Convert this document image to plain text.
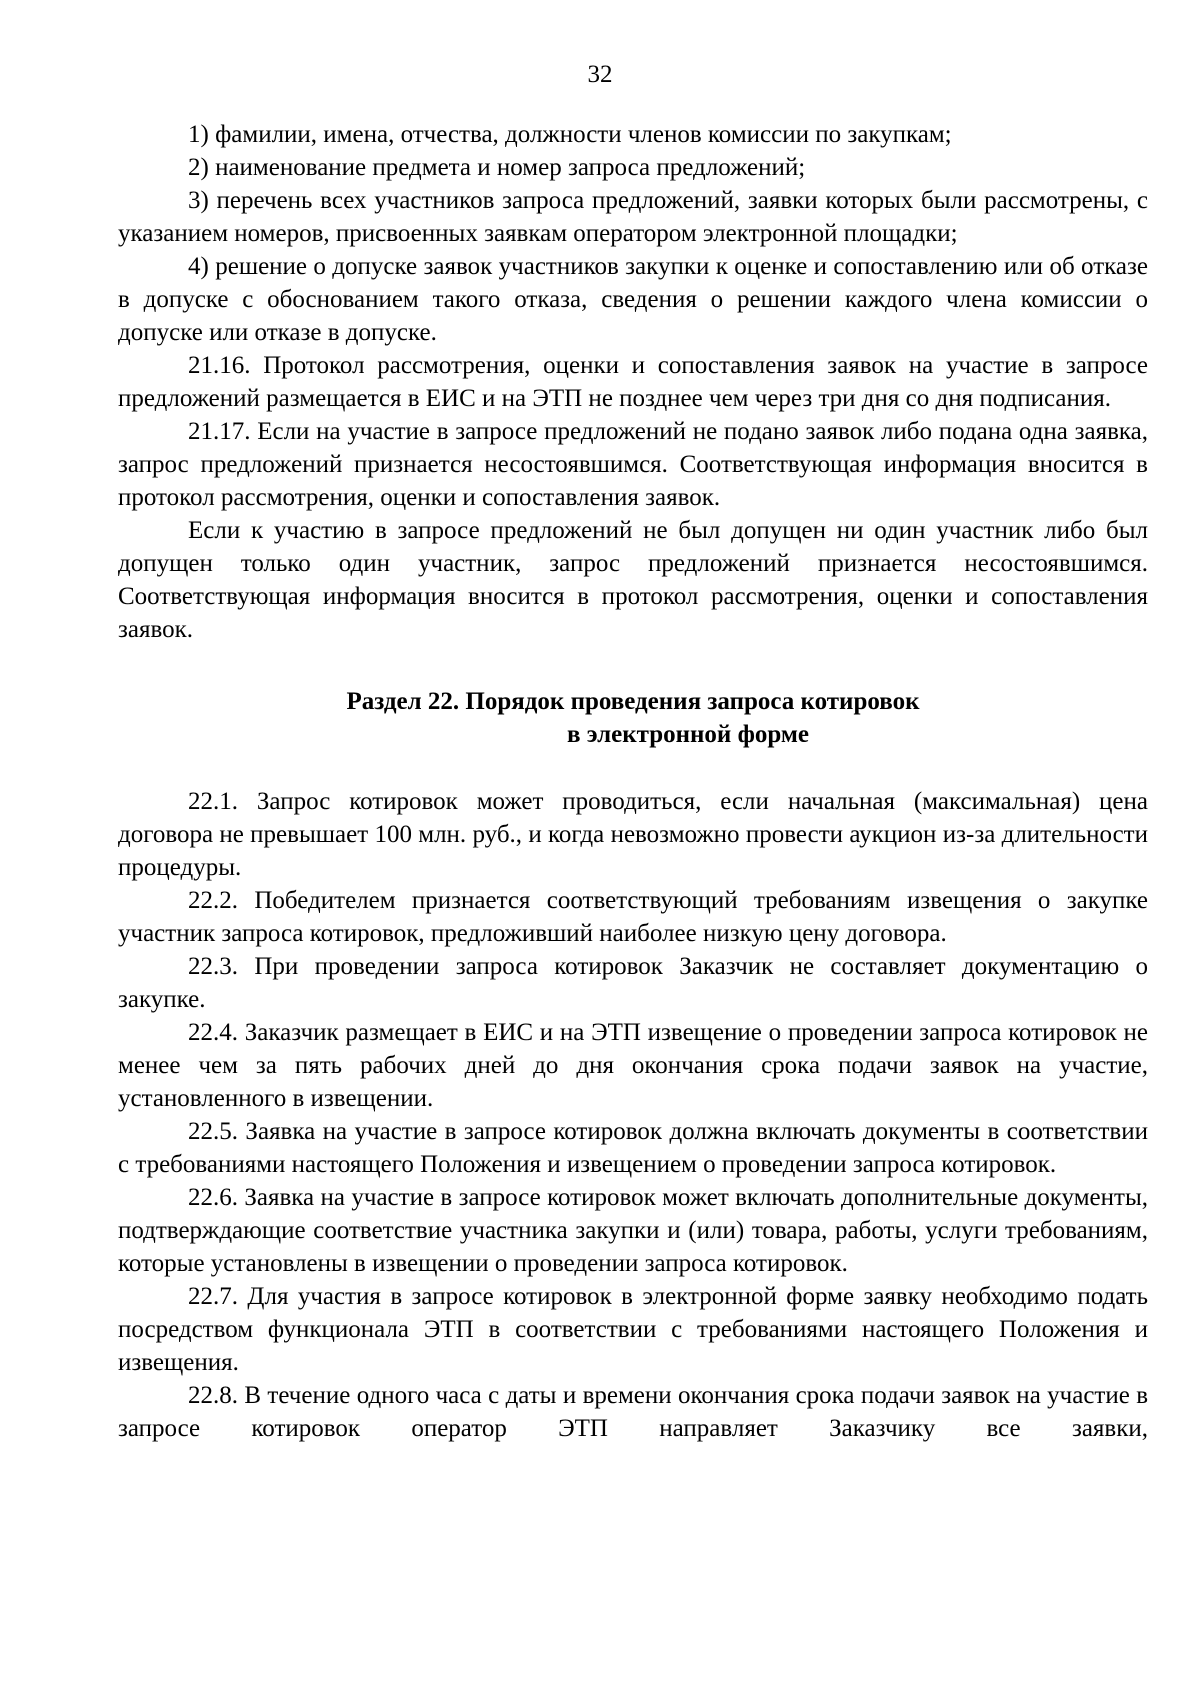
32

1) фамилии, имена, отчества, должности членов комиссии по закупкам;

2) наименование предмета и номер запроса предложений;

3) перечень всех участников запроса предложений, заявки которых были рассмотрены, с указанием номеров, присвоенных заявкам оператором электронной площадки;

4) решение о допуске заявок участников закупки к оценке и сопоставлению или об отказе в допуске с обоснованием такого отказа, сведения о решении каждого члена комиссии о допуске или отказе в допуске.

21.16. Протокол рассмотрения, оценки и сопоставления заявок на участие в запросе предложений размещается в ЕИС и на ЭТП не позднее чем через три дня со дня подписания.

21.17. Если на участие в запросе предложений не подано заявок либо подана одна заявка, запрос предложений признается несостоявшимся. Соответствующая информация вносится в протокол рассмотрения, оценки и сопоставления заявок.

Если к участию в запросе предложений не был допущен ни один участник либо был допущен только один участник, запрос предложений признается несостоявшимся. Соответствующая информация вносится в протокол рассмотрения, оценки и сопоставления заявок.

Раздел 22. Порядок проведения запроса котировок
в электронной форме

22.1. Запрос котировок может проводиться, если начальная (максимальная) цена договора не превышает 100 млн. руб., и когда невозможно провести аукцион из-за длительности процедуры.

22.2. Победителем признается соответствующий требованиям извещения о закупке участник запроса котировок, предложивший наиболее низкую цену договора.

22.3. При проведении запроса котировок Заказчик не составляет документацию о закупке.

22.4. Заказчик размещает в ЕИС и на ЭТП извещение о проведении запроса котировок не менее чем за пять рабочих дней до дня окончания срока подачи заявок на участие, установленного в извещении.

22.5. Заявка на участие в запросе котировок должна включать документы в соответствии с требованиями настоящего Положения и извещением о проведении запроса котировок.

22.6. Заявка на участие в запросе котировок может включать дополнительные документы, подтверждающие соответствие участника закупки и (или) товара, работы, услуги требованиям, которые установлены в извещении о проведении запроса котировок.

22.7. Для участия в запросе котировок в электронной форме заявку необходимо подать посредством функционала ЭТП в соответствии с требованиями настоящего Положения и извещения.

22.8. В течение одного часа с даты и времени окончания срока подачи заявок на участие в запросе котировок оператор ЭТП направляет Заказчику все заявки,
